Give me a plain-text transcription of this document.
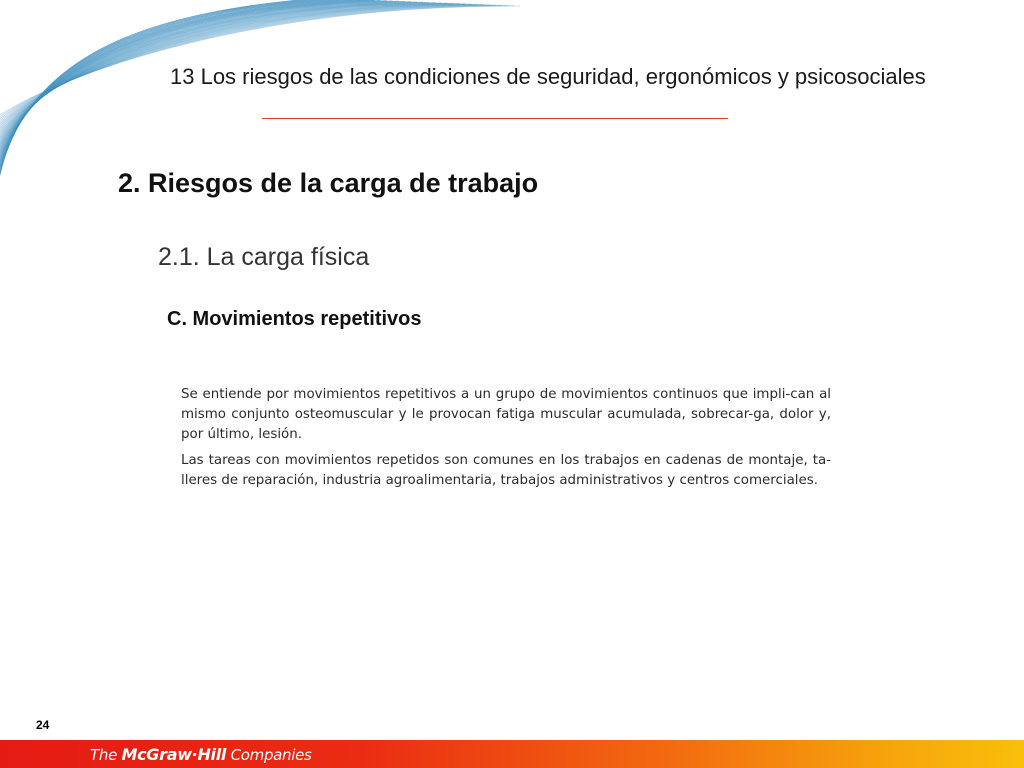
13 Los riesgos de las condiciones de seguridad, ergonómicos y psicosociales
2. Riesgos de la carga de trabajo
2.1. La carga física
C. Movimientos repetitivos

Se entiende por movimientos repetitivos a un grupo de movimientos continuos que impli-can al mismo conjunto osteomuscular y le provocan fatiga muscular acumulada, sobrecar-ga, dolor y, por último, lesión.

Las tareas con movimientos repetidos son comunes en los trabajos en cadenas de montaje, ta-lleres de reparación, industria agroalimentaria, trabajos administrativos y centros comerciales.

24
The McGraw·Hill Companies
